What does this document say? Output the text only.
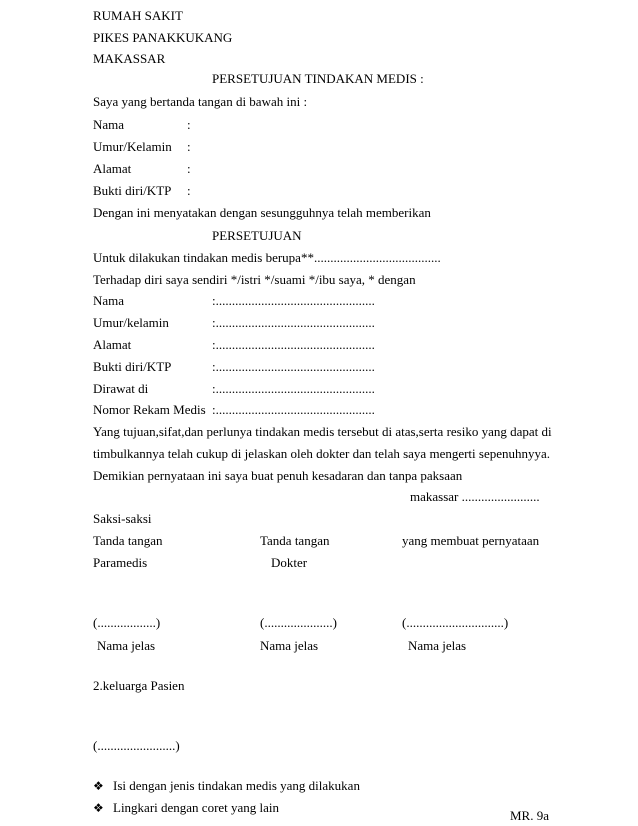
RUMAH SAKIT
PIKES PANAKKUKANG
MAKASSAR
PERSETUJUAN TINDAKAN MEDIS :
Saya yang bertanda tangan di bawah ini :
Nama	:
Umur/Kelamin :
Alamat	:
Bukti diri/KTP :
Dengan ini menyatakan dengan sesungguhnya telah memberikan
PERSETUJUAN
Untuk dilakukan tindakan medis berupa**.......................................
Terhadap diri saya sendiri */istri */suami */ibu saya, * dengan
Nama	:.................................................
Umur/kelamin	:.................................................
Alamat	:.................................................
Bukti diri/KTP	:.................................................
Dirawat di	:.................................................
Nomor Rekam Medis :.................................................
Yang tujuan,sifat,dan perlunya tindakan medis tersebut di atas,serta resiko yang dapat di
timbulkannya telah cukup di jelaskan oleh dokter dan telah saya mengerti sepenuhnyya.
Demikian pernyataan ini saya buat penuh kesadaran dan tanpa paksaan
makassar ........................
Saksi-saksi
Tanda tangan	Tanda tangan	yang membuat pernyataan
Paramedis	Dokter
(..................)	(.....................)	(..............................)
Nama jelas	Nama jelas	Nama jelas
2.keluarga Pasien
(........................)
❖ Isi dengan jenis tindakan medis yang dilakukan
❖ Lingkari dengan coret yang lain
MR. 9a
